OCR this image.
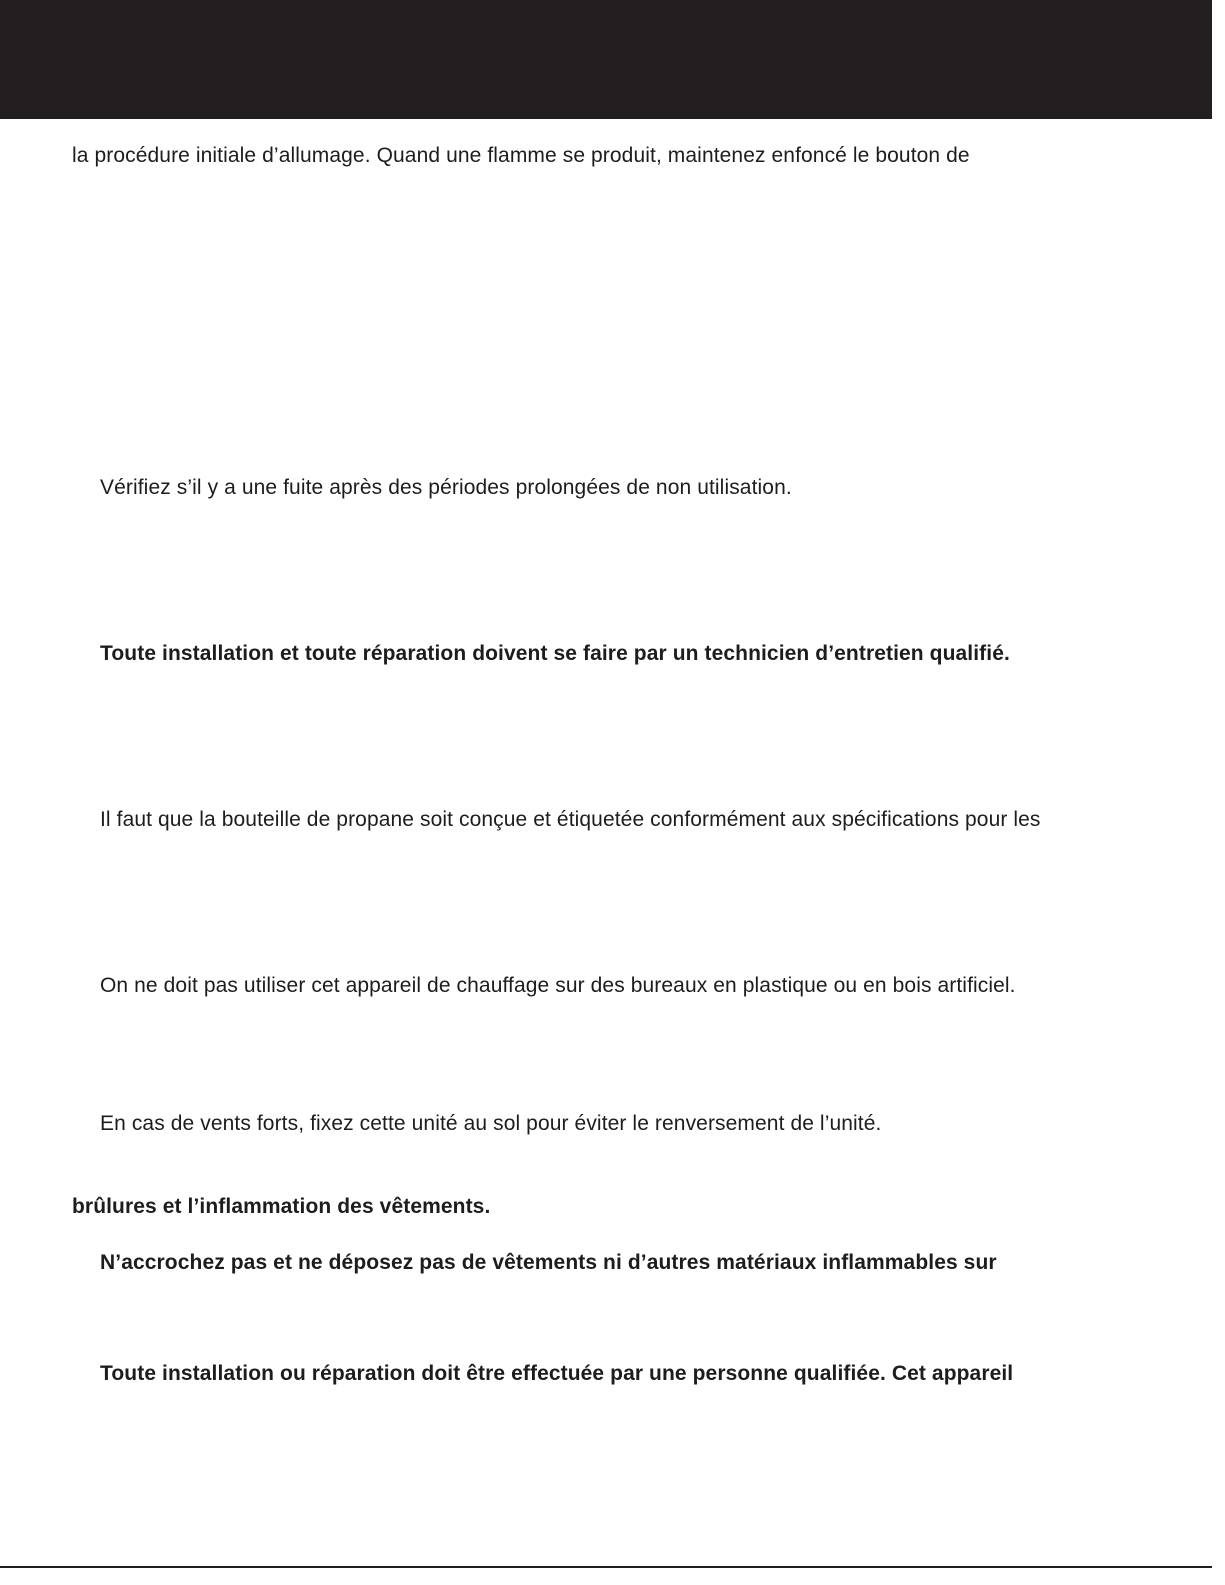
la procédure initiale d’allumage. Quand une flamme se produit, maintenez enfoncé le bouton de
Vérifiez s’il y a une fuite après des périodes prolongées de non utilisation.
Toute installation et toute réparation doivent se faire par un technicien d’entretien qualifié.
Il faut que la bouteille de propane soit conçue et étiquetée conformément aux spécifications pour les
On ne doit pas utiliser cet appareil de chauffage sur des bureaux en plastique ou en bois artificiel.
En cas de vents forts, fixez cette unité au sol pour éviter le renversement de l’unité.
brûlures et l’inflammation des vêtements.
N’accrochez pas et ne déposez pas de vêtements ni d’autres matériaux inflammables sur
Toute installation ou réparation doit être effectuée par une personne qualifiée. Cet appareil
